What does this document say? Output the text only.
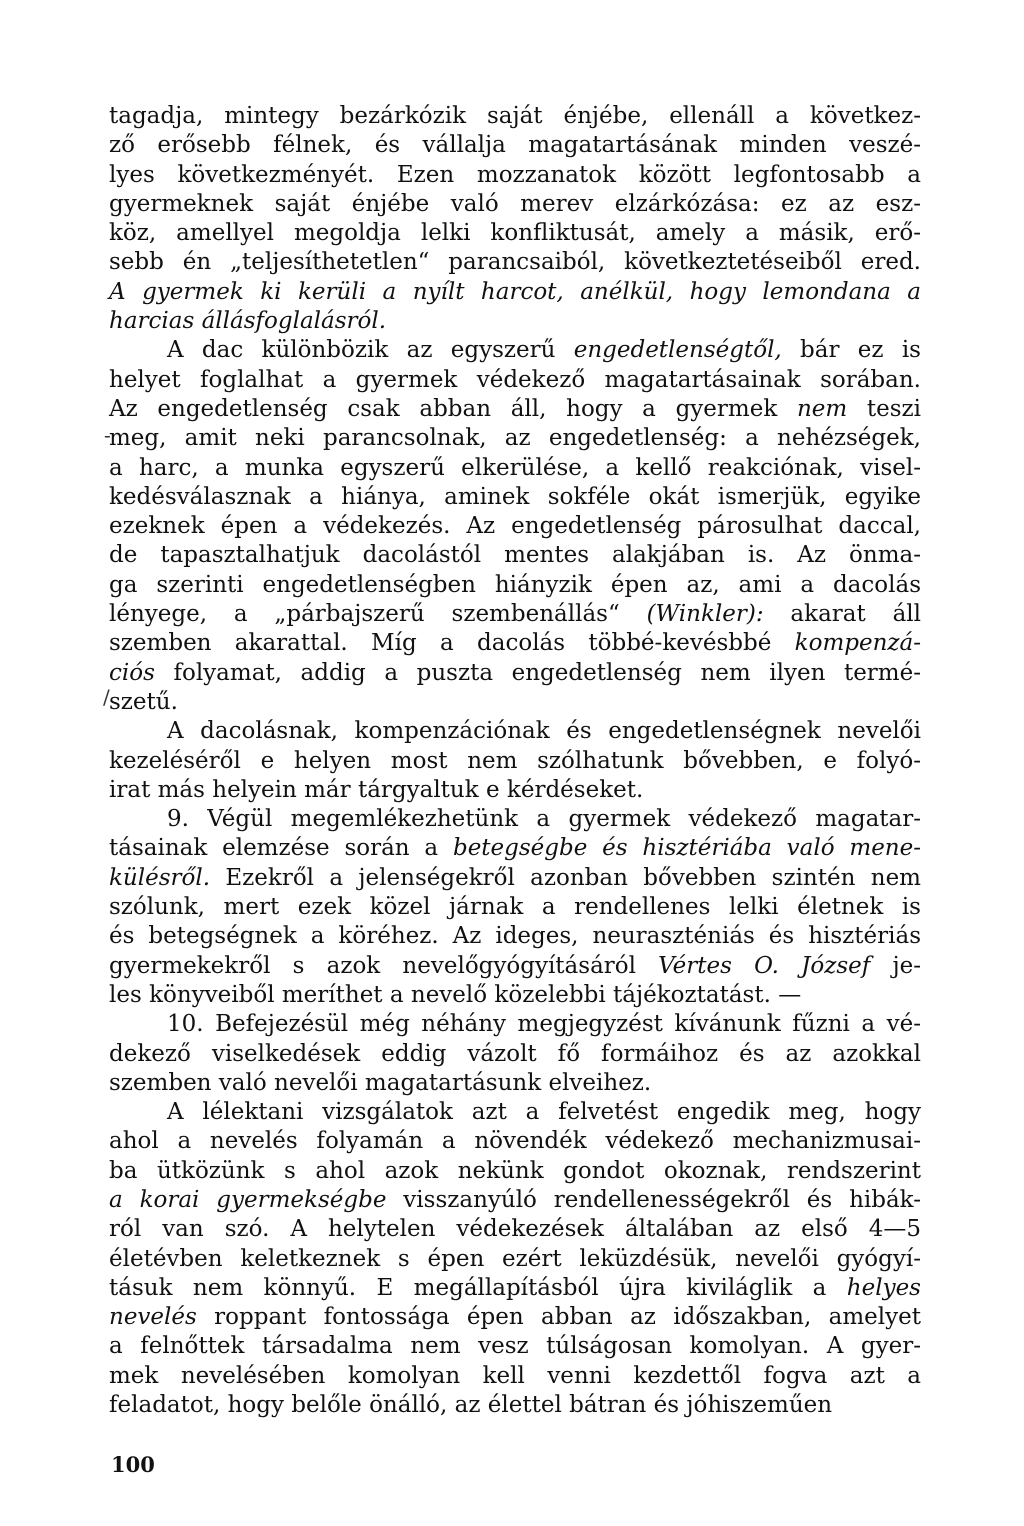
tagadja, mintegy bezárkózik saját énjébe, ellenáll a következ-
ző erősebb félnek, és vállalja magatartásának minden veszé-
lyes következményét. Ezen mozzanatok között legfontosabb a
gyermeknek saját énjébe való merev elzárkózása: ez az esz-
köz, amellyel megoldja lelki konfliktusát, amely a másik, erő-
sebb én „teljesíthetetlen“ parancsaiból, következtetéseiből ered.
A gyermek ki kerüli a nyílt harcot, anélkül, hogy lemondana a
harcias állásfoglalásról.
A dac különbözik az egyszerű engedetlenségtől, bár ez is
helyet foglalhat a gyermek védekező magatartásainak sorában.
Az engedetlenség csak abban áll, hogy a gyermek nem teszi
meg, amit neki parancsolnak, az engedetlenség: a nehézségek,
a harc, a munka egyszerű elkerülése, a kellő reakciónak, visel-
kedésválasznak a hiánya, aminek sokféle okát ismerjük, egyike
ezeknek épen a védekezés. Az engedetlenség párosulhat daccal,
de tapasztalhatjuk dacolástól mentes alakjában is. Az önma-
ga szerinti engedetlenségben hiányzik épen az, ami a dacolás
lényege, a „párbajszerű szembenállás“ (Winkler): akarat áll
szemben akarattal. Míg a dacolás többé-kevésbbé kompenzá-
ciós folyamat, addig a puszta engedetlenség nem ilyen termé-
szetű.
A dacolásnak, kompenzációnak és engedetlenségnek nevelői
kezeléséről e helyen most nem szólhatunk bővebben, e folyó-
irat más helyein már tárgyaltuk e kérdéseket.
9. Végül megemlékezhetünk a gyermek védekező magatar-
tásainak elemzése során a betegségbe és hisztériába való mene-
külésről. Ezekről a jelenségekről azonban bővebben szintén nem
szólunk, mert ezek közel járnak a rendellenes lelki életnek is
és betegségnek a köréhez. Az ideges, neuraszténiás és hisztériás
gyermekekről s azok nevelőgyógyításáról Vértes O. József je-
les könyveiből meríthet a nevelő közelebbi tájékoztatást. —
10. Befejezésül még néhány megjegyzést kívánunk fűzni a vé-
dekező viselkedések eddig vázolt fő formáihoz és az azokkal
szemben való nevelői magatartásunk elveihez.
A lélektani vizsgálatok azt a felvetést engedik meg, hogy
ahol a nevelés folyamán a növendék védekező mechanizmusai-
ba ütközünk s ahol azok nekünk gondot okoznak, rendszerint
a korai gyermekségbe visszanyúló rendellenességekről és hibák-
ról van szó. A helytelen védekezések általában az első 4—5
életévben keletkeznek s épen ezért leküzdésük, nevelői gyógyí-
tásuk nem könnyű. E megállapításból újra kiviláglik a helyes
nevelés roppant fontossága épen abban az időszakban, amelyet
a felnőttek társadalma nem vesz túlságosan komolyan. A gyer-
mek nevelésében komolyan kell venni kezdettől fogva azt a
feladatot, hogy belőle önálló, az élettel bátran és jóhiszeműen
100
-
/
